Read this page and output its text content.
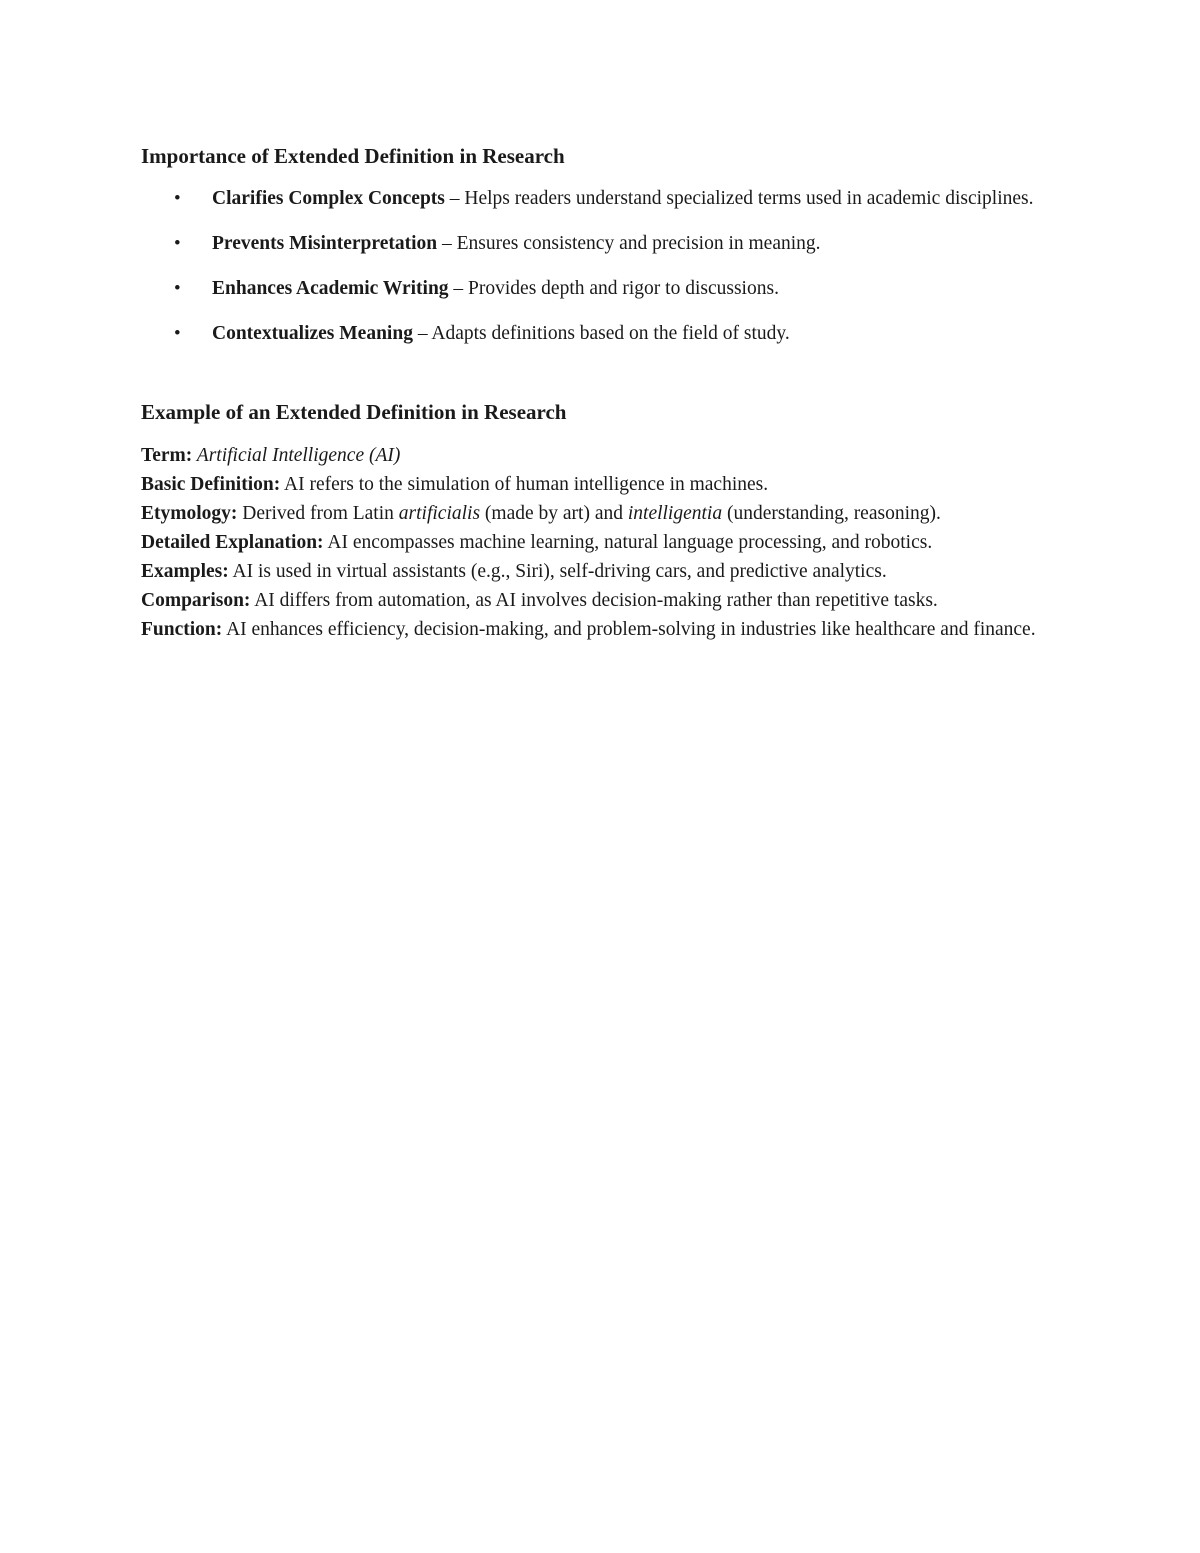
Importance of Extended Definition in Research
• Clarifies Complex Concepts – Helps readers understand specialized terms used in academic disciplines.
• Prevents Misinterpretation – Ensures consistency and precision in meaning.
• Enhances Academic Writing – Provides depth and rigor to discussions.
• Contextualizes Meaning – Adapts definitions based on the field of study.
Example of an Extended Definition in Research

Term: Artificial Intelligence (AI)

Basic Definition: AI refers to the simulation of human intelligence in machines.

Etymology: Derived from Latin artificialis (made by art) and intelligentia (understanding, reasoning).

Detailed Explanation: AI encompasses machine learning, natural language processing, and robotics.

Examples: AI is used in virtual assistants (e.g., Siri), self-driving cars, and predictive analytics.

Comparison: AI differs from automation, as AI involves decision-making rather than repetitive tasks.

Function: AI enhances efficiency, decision-making, and problem-solving in industries like healthcare and finance.
